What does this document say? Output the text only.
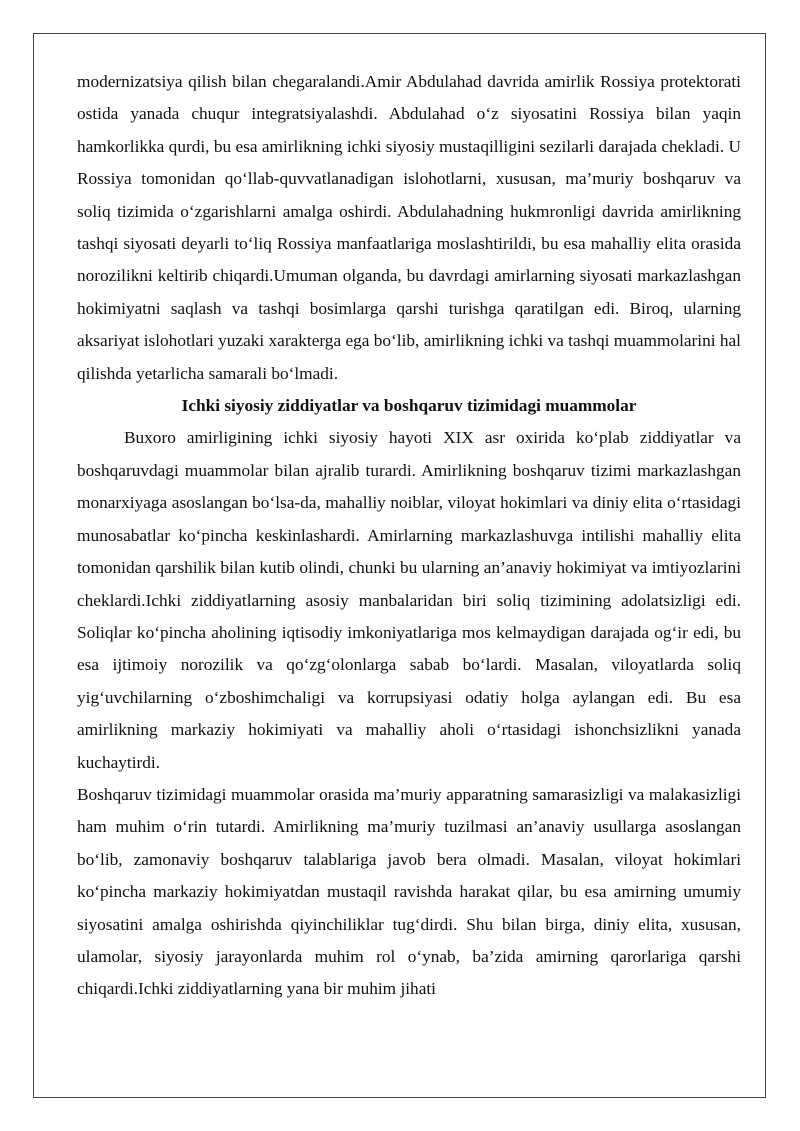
modernizatsiya qilish bilan chegaralandi.Amir Abdulahad davrida amirlik Rossiya protektorati ostida yanada chuqur integratsiyalashdi. Abdulahad o‘z siyosatini Rossiya bilan yaqin hamkorlikka qurdi, bu esa amirlikning ichki siyosiy mustaqilligini sezilarli darajada chekladi. U Rossiya tomonidan qo‘llab-quvvatlanadigan islohotlarni, xususan, ma’muriy boshqaruv va soliq tizimida o‘zgarishlarni amalga oshirdi. Abdulahadning hukmronligi davrida amirlikning tashqi siyosati deyarli to‘liq Rossiya manfaatlariga moslashtirildi, bu esa mahalliy elita orasida norozilikni keltirib chiqardi.Umuman olganda, bu davrdagi amirlarning siyosati markazlashgan hokimiyatni saqlash va tashqi bosimlarga qarshi turishga qaratilgan edi. Biroq, ularning aksariyat islohotlari yuzaki xarakterga ega bo‘lib, amirlikning ichki va tashqi muammolarini hal qilishda yetarlicha samarali bo‘lmadi.

Ichki siyosiy ziddiyatlar va boshqaruv tizimidagi muammolar

Buxoro amirligining ichki siyosiy hayoti XIX asr oxirida ko‘plab ziddiyatlar va boshqaruvdagi muammolar bilan ajralib turardi. Amirlikning boshqaruv tizimi markazlashgan monarxiyaga asoslangan bo‘lsa-da, mahalliy noiblar, viloyat hokimlari va diniy elita o‘rtasidagi munosabatlar ko‘pincha keskinlashardi. Amirlarning markazlashuvga intilishi mahalliy elita tomonidan qarshilik bilan kutib olindi, chunki bu ularning an’anaviy hokimiyat va imtiyozlarini cheklardi.Ichki ziddiyatlarning asosiy manbalaridan biri soliq tizimining adolatsizligi edi. Soliqlar ko‘pincha aholining iqtisodiy imkoniyatlariga mos kelmaydigan darajada og‘ir edi, bu esa ijtimoiy norozilik va qo‘zg‘olonlarga sabab bo‘lardi. Masalan, viloyatlarda soliq yig‘uvchilarning o‘zboshimchaligi va korrupsiyasi odatiy holga aylangan edi. Bu esa amirlikning markaziy hokimiyati va mahalliy aholi o‘rtasidagi ishonchsizlikni yanada kuchaytirdi.

Boshqaruv tizimidagi muammolar orasida ma’muriy apparatning samarasizligi va malakasizligi ham muhim o‘rin tutardi. Amirlikning ma’muriy tuzilmasi an’anaviy usullarga asoslangan bo‘lib, zamonaviy boshqaruv talablariga javob bera olmadi. Masalan, viloyat hokimlari ko‘pincha markaziy hokimiyatdan mustaqil ravishda harakat qilar, bu esa amirning umumiy siyosatini amalga oshirishda qiyinchiliklar tug‘dirdi. Shu bilan birga, diniy elita, xususan, ulamolar, siyosiy jarayonlarda muhim rol o‘ynab, ba’zida amirning qarorlariga qarshi chiqardi.Ichki ziddiyatlarning yana bir muhim jihati
